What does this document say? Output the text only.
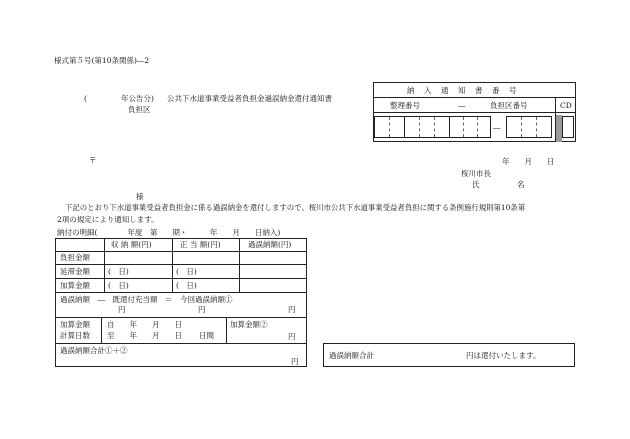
様式第５号(第10条関係)―2
(	年公告分) 公共下水道事業受益者負担金過誤納金還付通知書
負担区
納　入　通　知　書　番　号
整理番号	―	負担区番号	CD
―
〒	年　　月　　日
桜川市長
氏　　　　　名
様
下記のとおり下水道事業受益者負担金に係る過誤納金を還付しますので、桜川市公共下水道事業受益者負担に関する条例施行規則第10条第
2項の規定により通知します。
納付の明細(　　　　年度　第　　期・　　　年　　月　　日納入)
収 納 額(円)	正 当 額(円)	過誤納額(円)
負担金額
延滞金額 (　日)	(　日)
加算金額 (　日)	(　日)
過誤納額　―　既還付充当額　＝　今回過誤納額①
円	円	円
加算金額
計算日数
自　　年　　月　　日
至　　年　　月　　日 日間
加算金額②
円
過誤納額合計①＋②
円
過誤納額合計	円は還付いたします。
